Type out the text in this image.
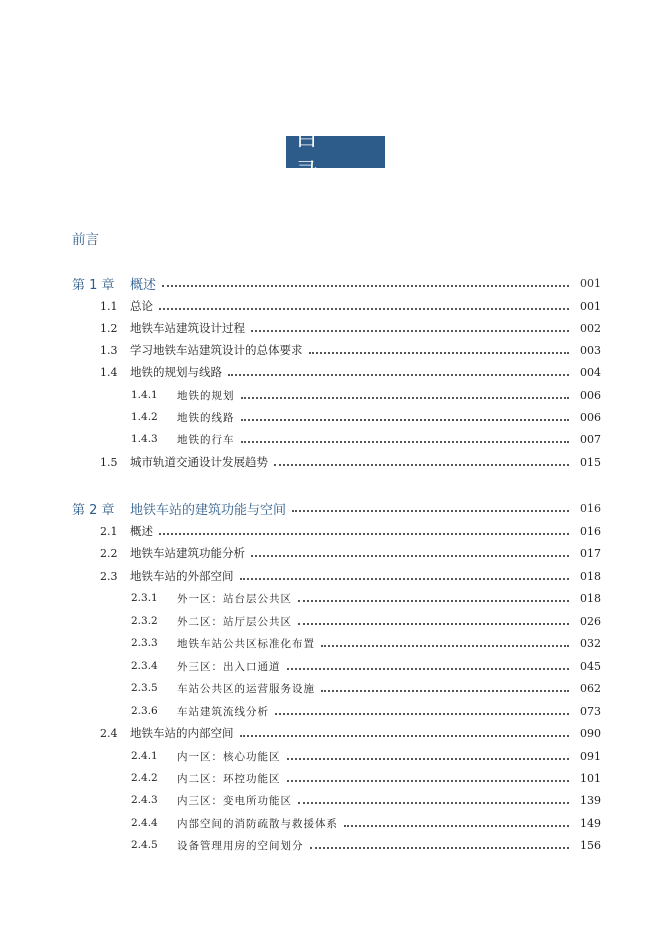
目　录
前言
第 1 章	概述	001
1.1	总论	001
1.2	地铁车站建筑设计过程	002
1.3	学习地铁车站建筑设计的总体要求	003
1.4	地铁的规划与线路	004
1.4.1	地铁的规划	006
1.4.2	地铁的线路	006
1.4.3	地铁的行车	007
1.5	城市轨道交通设计发展趋势	015
第 2 章	地铁车站的建筑功能与空间	016
2.1	概述	016
2.2	地铁车站建筑功能分析	017
2.3	地铁车站的外部空间	018
2.3.1	外一区：站台层公共区	018
2.3.2	外二区：站厅层公共区	026
2.3.3	地铁车站公共区标准化布置	032
2.3.4	外三区：出入口通道	045
2.3.5	车站公共区的运营服务设施	062
2.3.6	车站建筑流线分析	073
2.4	地铁车站的内部空间	090
2.4.1	内一区：核心功能区	091
2.4.2	内二区：环控功能区	101
2.4.3	内三区：变电所功能区	139
2.4.4	内部空间的消防疏散与救援体系	149
2.4.5	设备管理用房的空间划分	156
